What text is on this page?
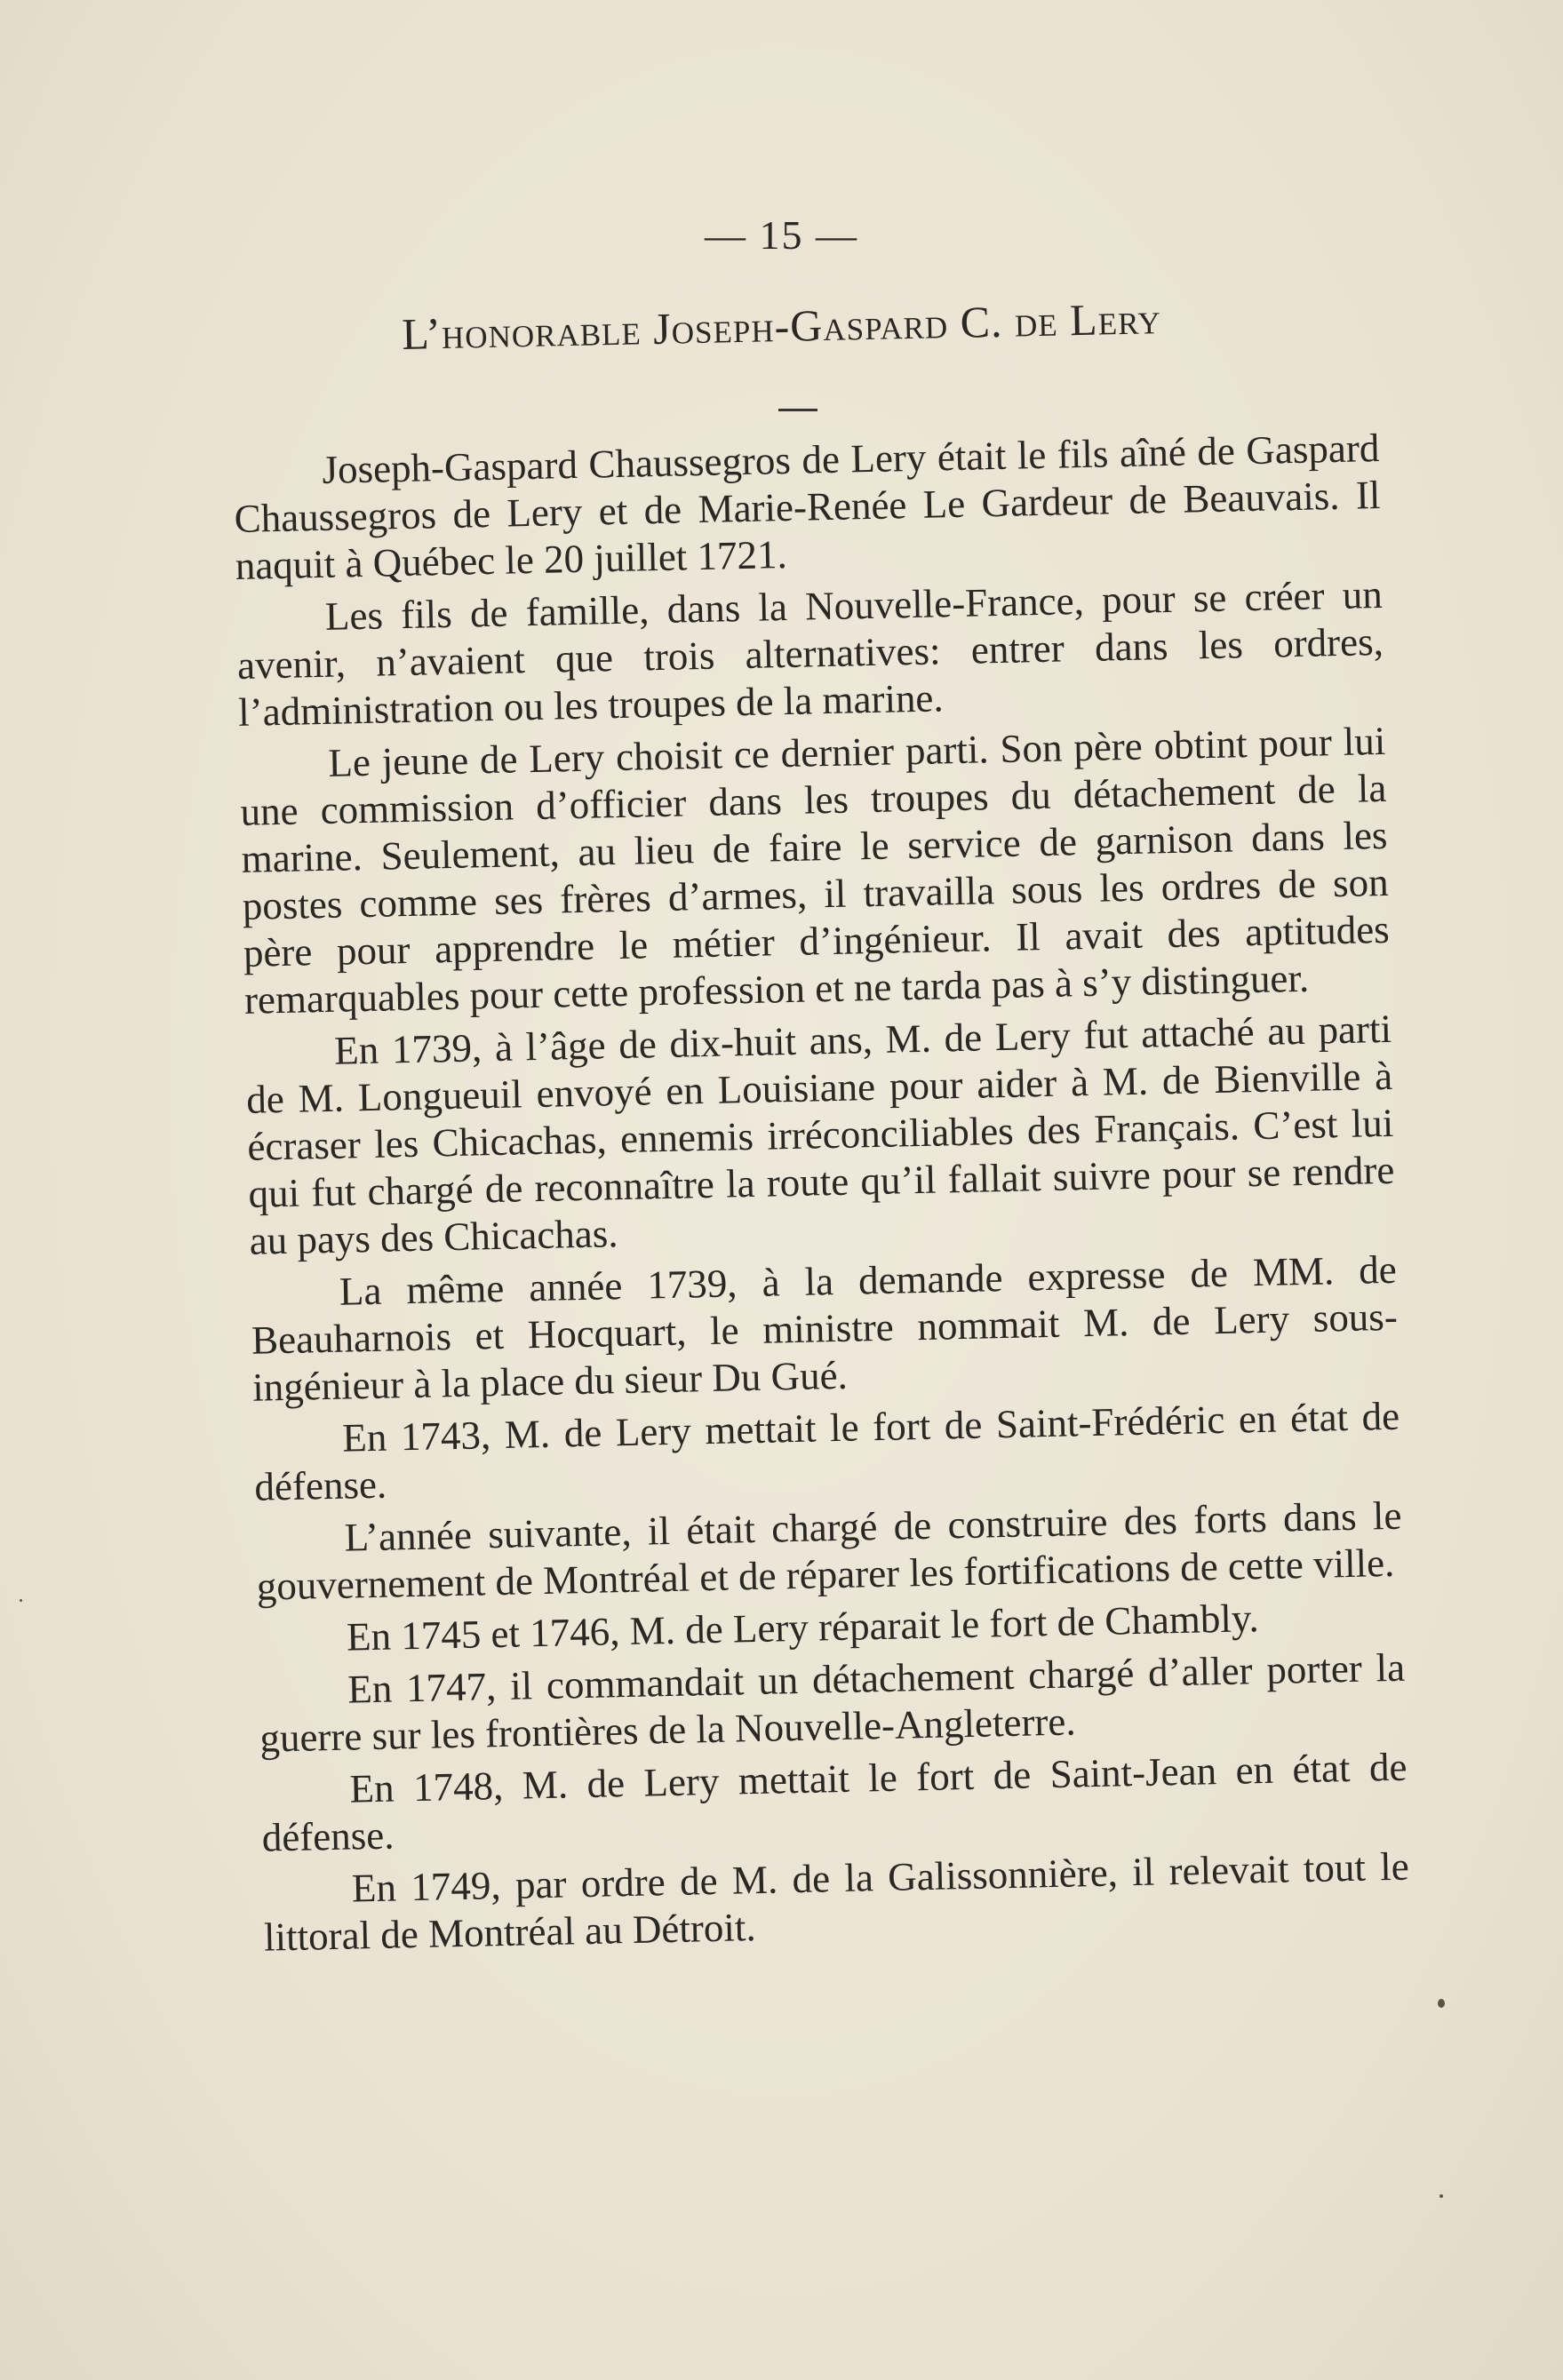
— 15 —
L’honorable Joseph-Gaspard C. de Lery

Joseph-Gaspard Chaussegros de Lery était le fils aîné de Gaspard Chaussegros de Lery et de Marie-Renée Le Gardeur de Beauvais. Il naquit à Québec le 20 juillet 1721.

Les fils de famille, dans la Nouvelle-France, pour se créer un avenir, n’avaient que trois alternatives: entrer dans les ordres, l’administration ou les troupes de la marine.

Le jeune de Lery choisit ce dernier parti. Son père obtint pour lui une commission d’officier dans les troupes du détachement de la marine. Seulement, au lieu de faire le service de garnison dans les postes comme ses frères d’armes, il travailla sous les ordres de son père pour apprendre le métier d’ingénieur. Il avait des aptitudes remarquables pour cette profession et ne tarda pas à s’y distinguer.

En 1739, à l’âge de dix-huit ans, M. de Lery fut attaché au parti de M. Longueuil envoyé en Louisiane pour aider à M. de Bienville à écraser les Chicachas, ennemis irréconciliables des Français. C’est lui qui fut chargé de reconnaître la route qu’il fallait suivre pour se rendre au pays des Chicachas.

La même année 1739, à la demande expresse de MM. de Beauharnois et Hocquart, le ministre nommait M. de Lery sous-ingénieur à la place du sieur Du Gué.

En 1743, M. de Lery mettait le fort de Saint-Frédéric en état de défense.

L’année suivante, il était chargé de construire des forts dans le gouvernement de Montréal et de réparer les fortifications de cette ville.

En 1745 et 1746, M. de Lery réparait le fort de Chambly.

En 1747, il commandait un détachement chargé d’aller porter la guerre sur les frontières de la Nouvelle-Angleterre.

En 1748, M. de Lery mettait le fort de Saint-Jean en état de défense.

En 1749, par ordre de M. de la Galissonnière, il relevait tout le littoral de Montréal au Détroit.
